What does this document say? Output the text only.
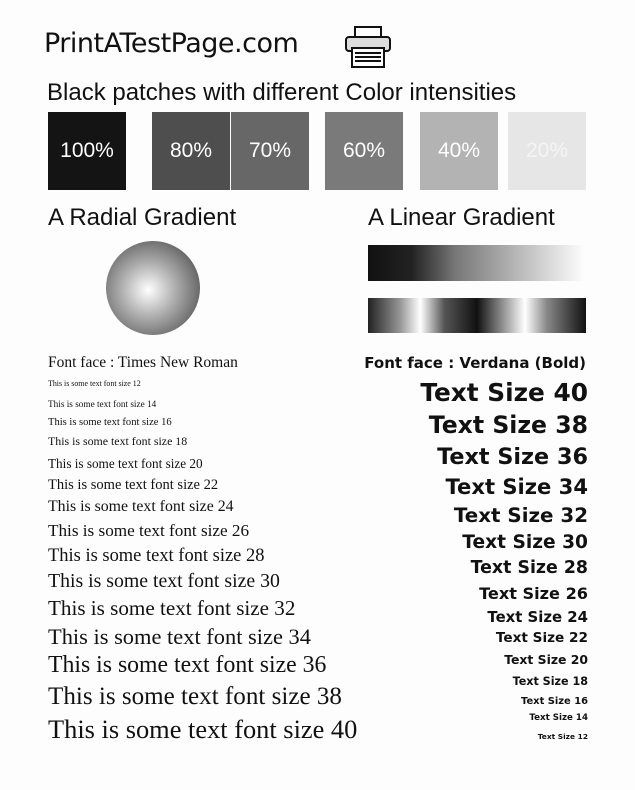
PrintATestPage.com
Black patches with different Color intensities
100%	80% 70% 60%	40% 20%
A Radial Gradient	A Linear Gradient
Font face : Times New Roman	Font face : Verdana (Bold)
This is some text font size 12
This is some text font size 14
This is some text font size 16
This is some text font size 18
This is some text font size 20
This is some text font size 22
This is some text font size 24
This is some text font size 26
This is some text font size 28
This is some text font size 30
This is some text font size 32
This is some text font size 34
This is some text font size 36
This is some text font size 38
This is some text font size 40
Text Size 40
Text Size 38
Text Size 36
Text Size 34
Text Size 32
Text Size 30
Text Size 28
Text Size 26
Text Size 24
Text Size 22
Text Size 20
Text Size 18
Text Size 16
Text Size 14
Text Size 12
